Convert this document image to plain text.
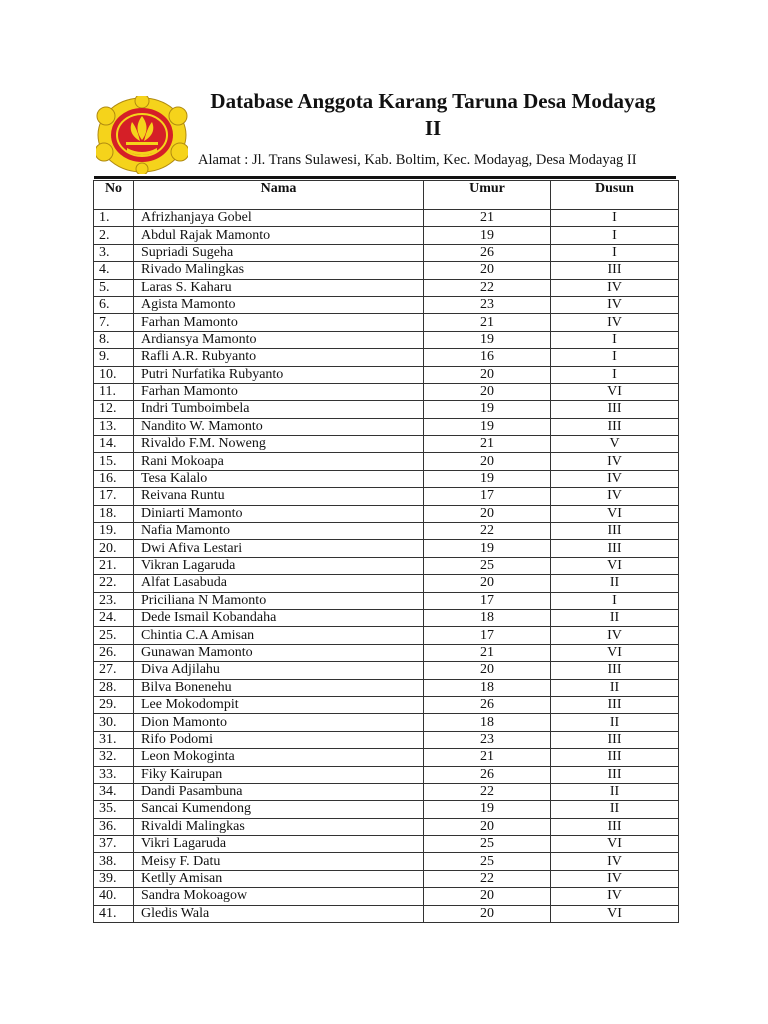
Database Anggota Karang Taruna Desa Modayag II
Alamat : Jl. Trans Sulawesi, Kab. Boltim, Kec. Modayag, Desa Modayag II
No	Nama	Umur	Dusun
1.	Afrizhanjaya Gobel	21	I
2.	Abdul Rajak Mamonto	19	I
3.	Supriadi Sugeha	26	I
4.	Rivado Malingkas	20	III
5.	Laras S. Kaharu	22	IV
6.	Agista Mamonto	23	IV
7.	Farhan Mamonto	21	IV
8.	Ardiansya Mamonto	19	I
9.	Rafli A.R. Rubyanto	16	I
10.	Putri Nurfatika Rubyanto	20	I
11.	Farhan Mamonto	20	VI
12.	Indri Tumboimbela	19	III
13.	Nandito W. Mamonto	19	III
14.	Rivaldo F.M. Noweng	21	V
15.	Rani Mokoapa	20	IV
16.	Tesa Kalalo	19	IV
17.	Reivana Runtu	17	IV
18.	Diniarti Mamonto	20	VI
19.	Nafia Mamonto	22	III
20.	Dwi Afiva Lestari	19	III
21.	Vikran Lagaruda	25	VI
22.	Alfat Lasabuda	20	II
23.	Priciliana N Mamonto	17	I
24.	Dede Ismail Kobandaha	18	II
25.	Chintia C.A Amisan	17	IV
26.	Gunawan Mamonto	21	VI
27.	Diva Adjilahu	20	III
28.	Bilva Bonenehu	18	II
29.	Lee Mokodompit	26	III
30.	Dion Mamonto	18	II
31.	Rifo Podomi	23	III
32.	Leon Mokoginta	21	III
33.	Fiky Kairupan	26	III
34.	Dandi Pasambuna	22	II
35.	Sancai Kumendong	19	II
36.	Rivaldi Malingkas	20	III
37.	Vikri Lagaruda	25	VI
38.	Meisy F. Datu	25	IV
39.	Ketlly Amisan	22	IV
40.	Sandra Mokoagow	20	IV
41.	Gledis Wala	20	VI
